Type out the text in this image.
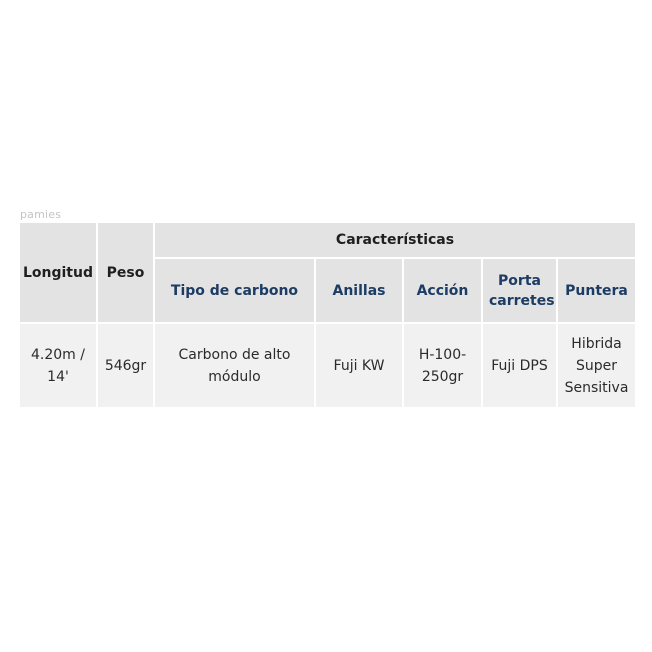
pamies
Longitud	Peso	Características				
		Tipo de carbono	Anillas	Acción	Porta carretes	Puntera
4.20m / 14'	546gr	Carbono de alto módulo	Fuji KW	H-100-250gr	Fuji DPS	Hibrida Super Sensitiva
